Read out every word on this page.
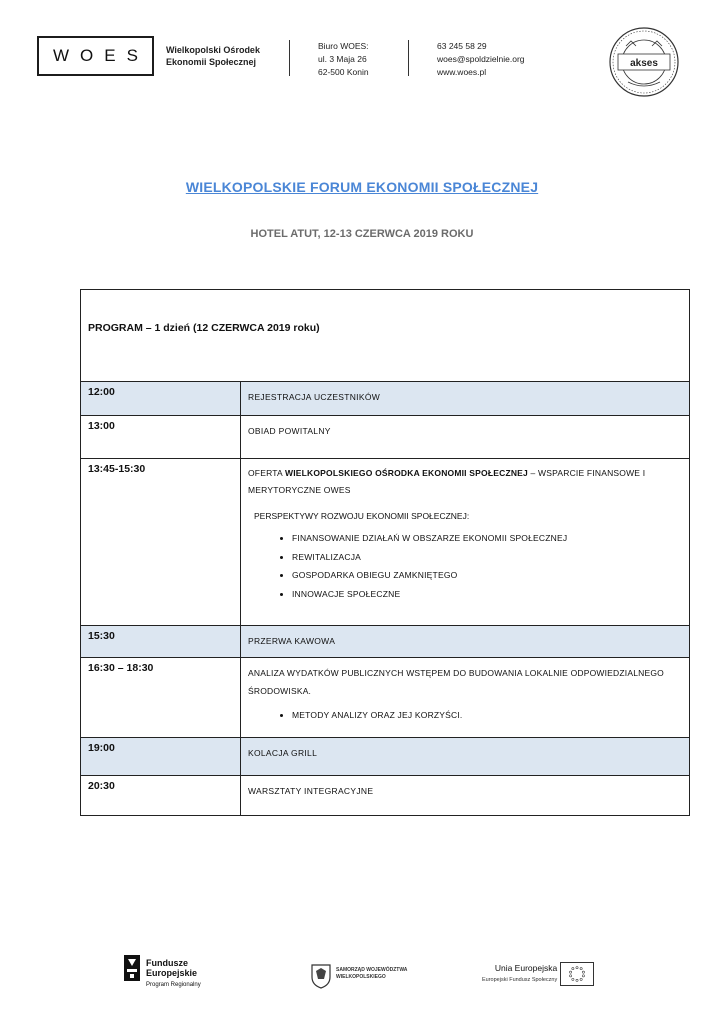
WOES Wielkopolski Ośrodek
Ekonomii Społecznej
Biuro WOES:
ul. 3 Maja 26
62-500 Konin
63 245 58 29
woes@spoldzielnie.org
www.woes.pl
akses
WIELKOPOLSKIE FORUM EKONOMII SPOŁECZNEJ
HOTEL ATUT, 12-13 CZERWCA 2019 ROKU
PROGRAM – 1 dzień (12 CZERWCA 2019 roku)
12:00	REJESTRACJA UCZESTNIKÓW
13:00	OBIAD POWITALNY
13:45-15:30	OFERTA WIELKOPOLSKIEGO OŚRODKA EKONOMII SPOŁECZNEJ – WSPARCIE FINANSOWE I MERYTORYCZNE OWES
PERSPEKTYWY ROZWOJU EKONOMII SPOŁECZNEJ:
• FINANSOWANIE DZIAŁAŃ W OBSZARZE EKONOMII SPOŁECZNEJ
• REWITALIZACJA
• GOSPODARKA OBIEGU ZAMKNIĘTEGO
• INNOWACJE SPOŁECZNE
15:30	PRZERWA KAWOWA
16:30 – 18:30	ANALIZA WYDATKÓW PUBLICZNYCH WSTĘPEM DO BUDOWANIA LOKALNIE ODPOWIEDZIALNEGO ŚRODOWISKA.
• METODY ANALIZY ORAZ JEJ KORZYŚCI.
19:00	KOLACJA GRILL
20:30	WARSZTATY INTEGRACYJNE
Fundusze
Europejskie
Program Regionalny
SAMORZĄD WOJEWÓDZTWA
WIELKOPOLSKIEGO
Unia Europejska
Europejski Fundusz Społeczny
